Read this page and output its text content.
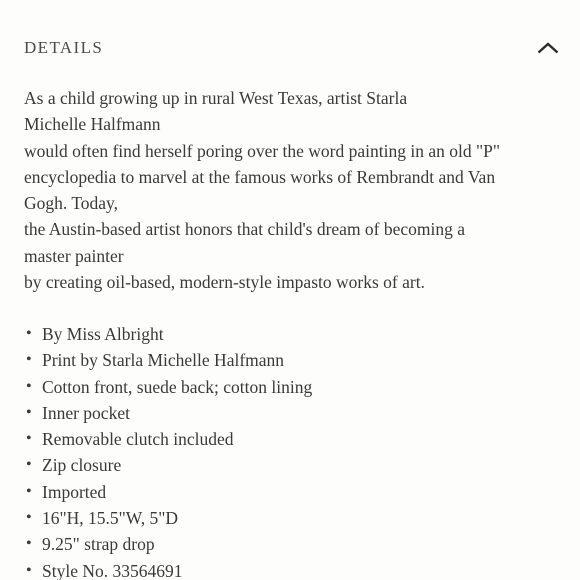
DETAILS
As a child growing up in rural West Texas, artist Starla
Michelle Halfmann
would often find herself poring over the word painting in an old "P"
encyclopedia to marvel at the famous works of Rembrandt and Van
Gogh. Today,
the Austin-based artist honors that child's dream of becoming a
master painter
by creating oil-based, modern-style impasto works of art.
• By Miss Albright
• Print by Starla Michelle Halfmann
• Cotton front, suede back; cotton lining
• Inner pocket
• Removable clutch included
• Zip closure
• Imported
• 16"H, 15.5"W, 5"D
• 9.25" strap drop
• Style No. 33564691
